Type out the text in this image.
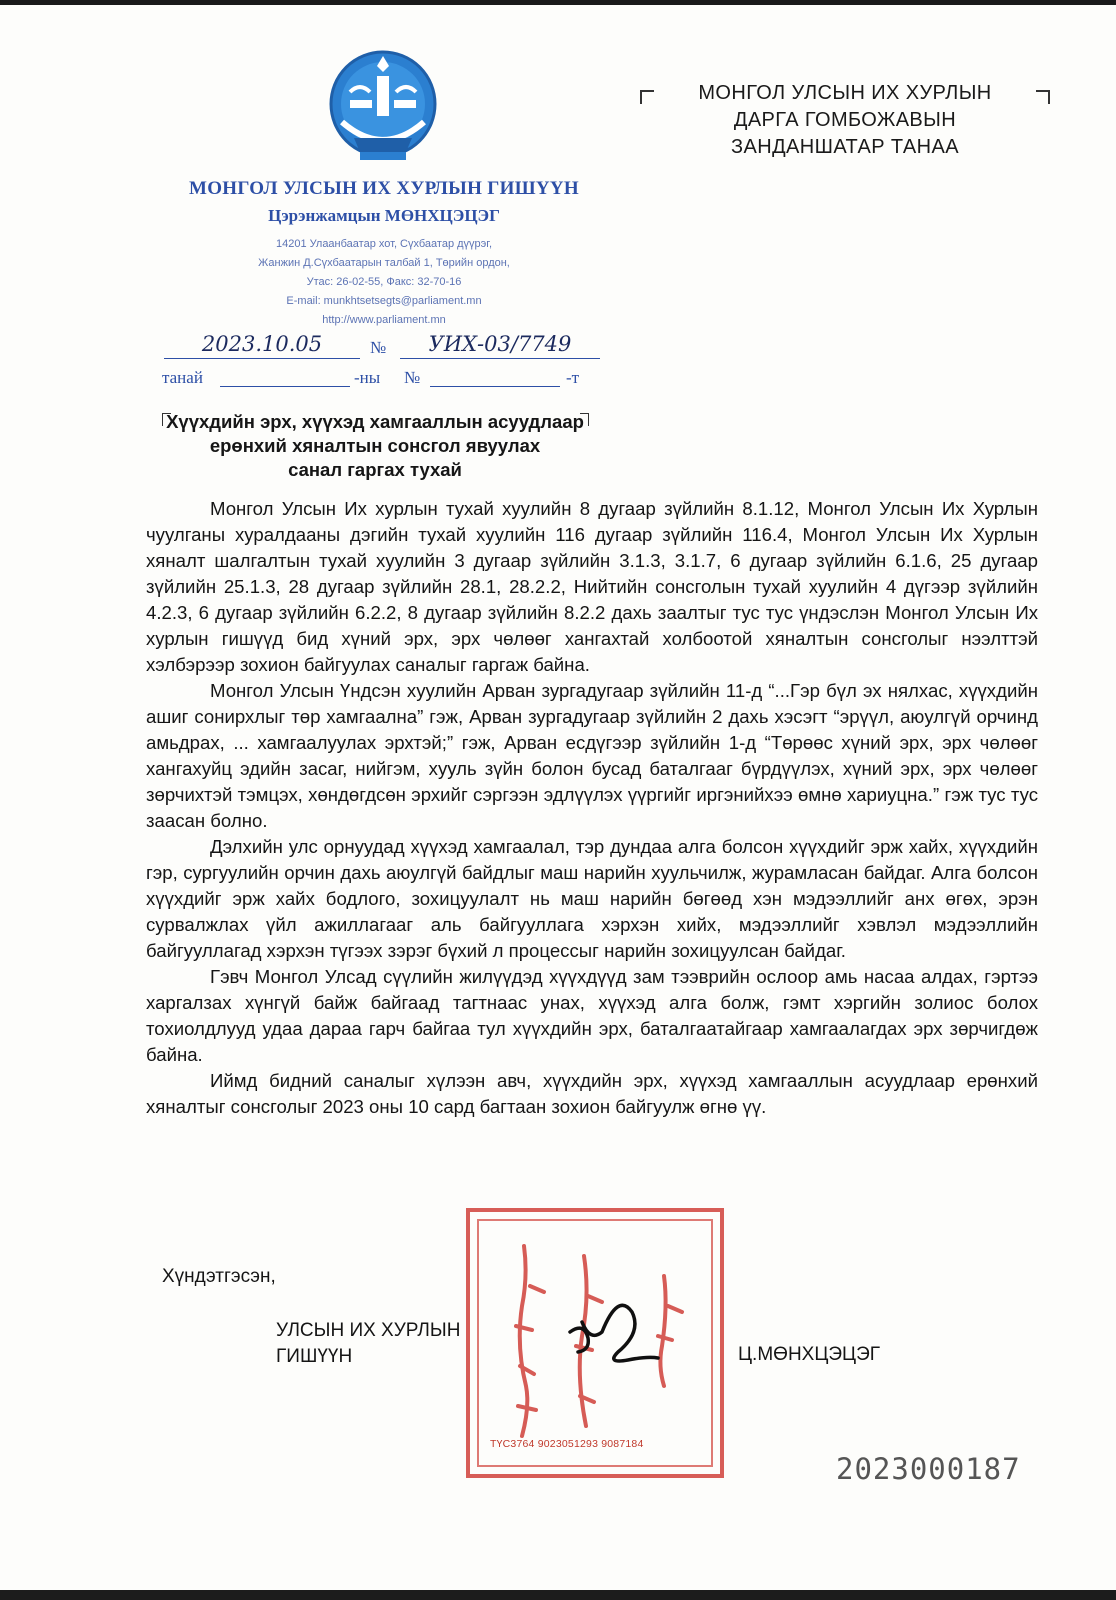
МОНГОЛ УЛСЫН ИХ ХУРЛЫН ГИШҮҮН
Цэрэнжамцын МӨНХЦЭЦЭГ
14201 Улаанбаатар хот, Сүхбаатар дүүрэг,
Жанжин Д.Сүхбаатарын талбай 1, Төрийн ордон,
Утас: 26-02-55, Факс: 32-70-16
E-mail: munkhtsetsegts@parliament.mn
http://www.parliament.mn
2023.10.05	№	УИХ-03/7749
танай	-ны №	-т
МОНГОЛ УЛСЫН ИХ ХУРЛЫН
ДАРГА ГОМБОЖАВЫН
ЗАНДАНШАТАР ТАНАА
Хүүхдийн эрх, хүүхэд хамгааллын асуудлаар
ерөнхий хяналтын сонсгол явуулах
санал гаргах тухай

Монгол Улсын Их хурлын тухай хуулийн 8 дугаар зүйлийн 8.1.12, Монгол Улсын Их Хурлын чуулганы хуралдааны дэгийн тухай хуулийн 116 дугаар зүйлийн 116.4, Монгол Улсын Их Хурлын хяналт шалгалтын тухай хуулийн 3 дугаар зүйлийн 3.1.3, 3.1.7, 6 дугаар зүйлийн 6.1.6, 25 дугаар зүйлийн 25.1.3, 28 дугаар зүйлийн 28.1, 28.2.2, Нийтийн сонсголын тухай хуулийн 4 дүгээр зүйлийн 4.2.3, 6 дугаар зүйлийн 6.2.2, 8 дугаар зүйлийн 8.2.2 дахь заалтыг тус тус үндэслэн Монгол Улсын Их хурлын гишүүд бид хүний эрх, эрх чөлөөг хангахтай холбоотой хяналтын сонсголыг нээлттэй хэлбэрээр зохион байгуулах саналыг гаргаж байна.

Монгол Улсын Үндсэн хуулийн Арван зургадугаар зүйлийн 11-д “...Гэр бүл эх нялхас, хүүхдийн ашиг сонирхлыг төр хамгаална” гэж, Арван зургадугаар зүйлийн 2 дахь хэсэгт “эрүүл, аюулгүй орчинд амьдрах, ... хамгаалуулах эрхтэй;” гэж, Арван есдүгээр зүйлийн 1-д “Төрөөс хүний эрх, эрх чөлөөг хангахуйц эдийн засаг, нийгэм, хууль зүйн болон бусад баталгааг бүрдүүлэх, хүний эрх, эрх чөлөөг зөрчихтэй тэмцэх, хөндөгдсөн эрхийг сэргээн эдлүүлэх үүргийг иргэнийхээ өмнө хариуцна.” гэж тус тус заасан болно.

Дэлхийн улс орнуудад хүүхэд хамгаалал, тэр дундаа алга болсон хүүхдийг эрж хайх, хүүхдийн гэр, сургуулийн орчин дахь аюулгүй байдлыг маш нарийн хуульчилж, журамласан байдаг. Алга болсон хүүхдийг эрж хайх бодлого, зохицуулалт нь маш нарийн бөгөөд хэн мэдээллийг анх өгөх, эрэн сурвалжлах үйл ажиллагааг аль байгууллага хэрхэн хийх, мэдээллийг хэвлэл мэдээллийн байгууллагад хэрхэн түгээх зэрэг бүхий л процессыг нарийн зохицуулсан байдаг.

Гэвч Монгол Улсад сүүлийн жилүүдэд хүүхдүүд зам тээврийн ослоор амь насаа алдах, гэртээ харгалзах хүнгүй байж байгаад тагтнаас унах, хүүхэд алга болж, гэмт хэргийн золиос болох тохиолдлууд удаа дараа гарч байгаа тул хүүхдийн эрх, баталгаатайгаар хамгаалагдах эрх зөрчигдөж байна.

Иймд бидний саналыг хүлээн авч, хүүхдийн эрх, хүүхэд хамгааллын асуудлаар ерөнхий хяналтыг сонсголыг 2023 оны 10 сард багтаан зохион байгуулж өгнө үү.

ТҮС3764 9023051293 9087184
Хүндэтгэсэн,
УЛСЫН ИХ ХУРЛЫН
ГИШҮҮН	Ц.МӨНХЦЭЦЭГ
2023000187
